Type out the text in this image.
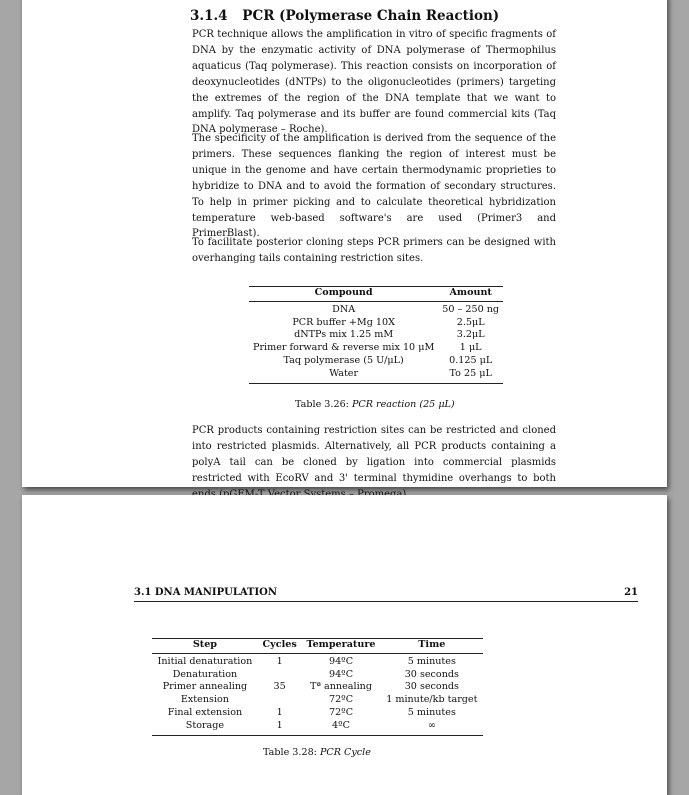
3.1.4 PCR (Polymerase Chain Reaction)

PCR technique allows the amplification in vitro of specific fragments of DNA by the enzymatic activity of DNA polymerase of Thermophilus aquaticus (Taq polymerase). This reaction consists on incorporation of deoxynucleotides (dNTPs) to the oligonucleotides (primers) targeting the extremes of the region of the DNA template that we want to amplify. Taq polymerase and its buffer are found commercial kits (Taq DNA polymerase – Roche).

The specificity of the amplification is derived from the sequence of the primers. These sequences flanking the region of interest must be unique in the genome and have certain thermodynamic proprieties to hybridize to DNA and to avoid the formation of secondary structures. To help in primer picking and to calculate theoretical hybridization temperature web-based software's are used (Primer3 and PrimerBlast).

To facilitate posterior cloning steps PCR primers can be designed with overhanging tails containing restriction sites.

Compound	Amount
DNA	50 – 250 ng
PCR buffer +Mg 10X	2.5μL
dNTPs mix 1.25 mM	3.2μL
Primer forward & reverse mix 10 μM	1 μL
Taq polymerase (5 U/μL)	0.125 μL
Water	To 25 μL
Table 3.26: PCR reaction (25 μL)

PCR products containing restriction sites can be restricted and cloned into restricted plasmids. Alternatively, all PCR products containing a polyA tail can be cloned by ligation into commercial plasmids restricted with EcoRV and 3' terminal thymidine overhangs to both

3.1 DNA MANIPULATION	21
Step	Cycles	Temperature	Time
Initial denaturation	1	94ºC	5 minutes
Denaturation		94ºC	30 seconds
Primer annealing	35	Tª annealing	30 seconds
Extension		72ºC	1 minute/kb target
Final extension	1	72ºC	5 minutes
Storage	1	4ºC	∞
Table 3.28: PCR Cycle
